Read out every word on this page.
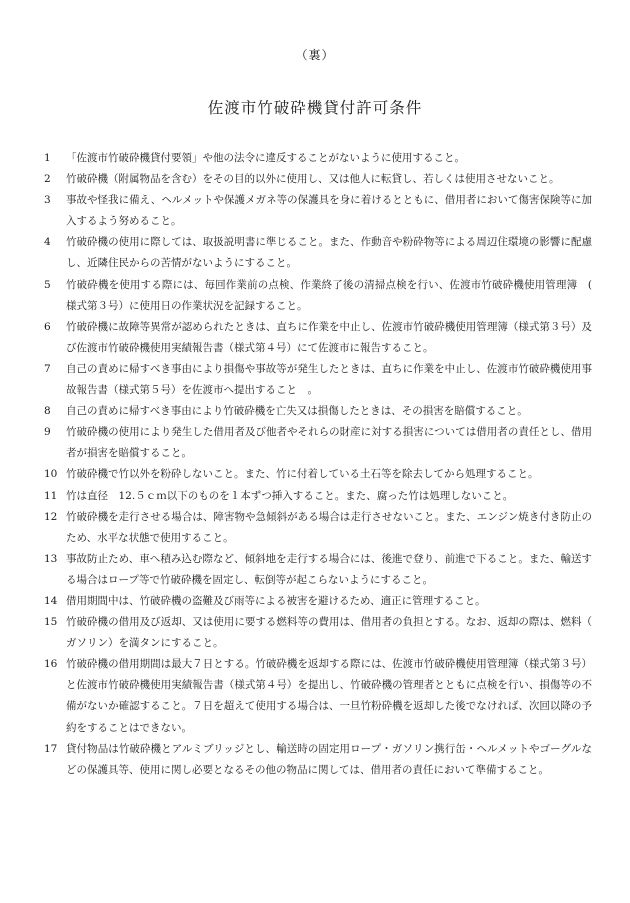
（裏）
佐渡市竹破砕機貸付許可条件
1	「佐渡市竹破砕機貸付要領」や他の法令に違反することがないように使用すること。
2	竹破砕機（附属物品を含む）をその目的以外に使用し、又は他人に転貸し、若しくは使用させないこと。
3	事故や怪我に備え、ヘルメットや保護メガネ等の保護具を身に着けるとともに、借用者において傷害保険等に加入するよう努めること。
4	竹破砕機の使用に際しては、取扱説明書に準じること。また、作動音や粉砕物等による周辺住環境の影響に配慮し、近隣住民からの苦情がないようにすること。
5	竹破砕機を使用する際には、毎回作業前の点検、作業終了後の清掃点検を行い、佐渡市竹破砕機使用管理簿　(様式第３号）に使用日の作業状況を記録すること。
6	竹破砕機に故障等異常が認められたときは、直ちに作業を中止し、佐渡市竹破砕機使用管理簿（様式第３号）及び佐渡市竹破砕機使用実績報告書（様式第４号）にて佐渡市に報告すること。
7	自己の責めに帰すべき事由により損傷や事故等が発生したときは、直ちに作業を中止し、佐渡市竹破砕機使用事故報告書（様式第５号）を佐渡市へ提出すること　。
8	自己の責めに帰すべき事由により竹破砕機を亡失又は損傷したときは、その損害を賠償すること。
9	竹破砕機の使用により発生した借用者及び他者やそれらの財産に対する損害については借用者の責任とし、借用者が損害を賠償すること。
10 竹破砕機で竹以外を粉砕しないこと。また、竹に付着している土石等を除去してから処理すること。
11 竹は直径　12.５ｃｍ以下のものを１本ずつ挿入すること。また、腐った竹は処理しないこと。
12 竹破砕機を走行させる場合は、障害物や急傾斜がある場合は走行させないこと。また、エンジン焼き付き防止のため、水平な状態で使用すること。
13 事故防止ため、車へ積み込む際など、傾斜地を走行する場合には、後進で登り、前進で下ること。また、輸送する場合はロープ等で竹破砕機を固定し、転倒等が起こらないようにすること。
14 借用期間中は、竹破砕機の盗難及び雨等による被害を避けるため、適正に管理すること。
15 竹破砕機の借用及び返却、又は使用に要する燃料等の費用は、借用者の負担とする。なお、返却の際は、燃料（ガソリン）を満タンにすること。
16 竹破砕機の借用期間は最大７日とする。竹破砕機を返却する際には、佐渡市竹破砕機使用管理簿（様式第３号）と佐渡市竹破砕機使用実績報告書（様式第４号）を提出し、竹破砕機の管理者とともに点検を行い、損傷等の不備がないか確認すること。７日を超えて使用する場合は、一旦竹粉砕機を返却した後でなければ、次回以降の予約をすることはできない。
17 貸付物品は竹破砕機とアルミブリッジとし、輸送時の固定用ロープ・ガソリン携行缶・ヘルメットやゴーグルなどの保護具等、使用に関し必要となるその他の物品に関しては、借用者の責任において準備すること。
